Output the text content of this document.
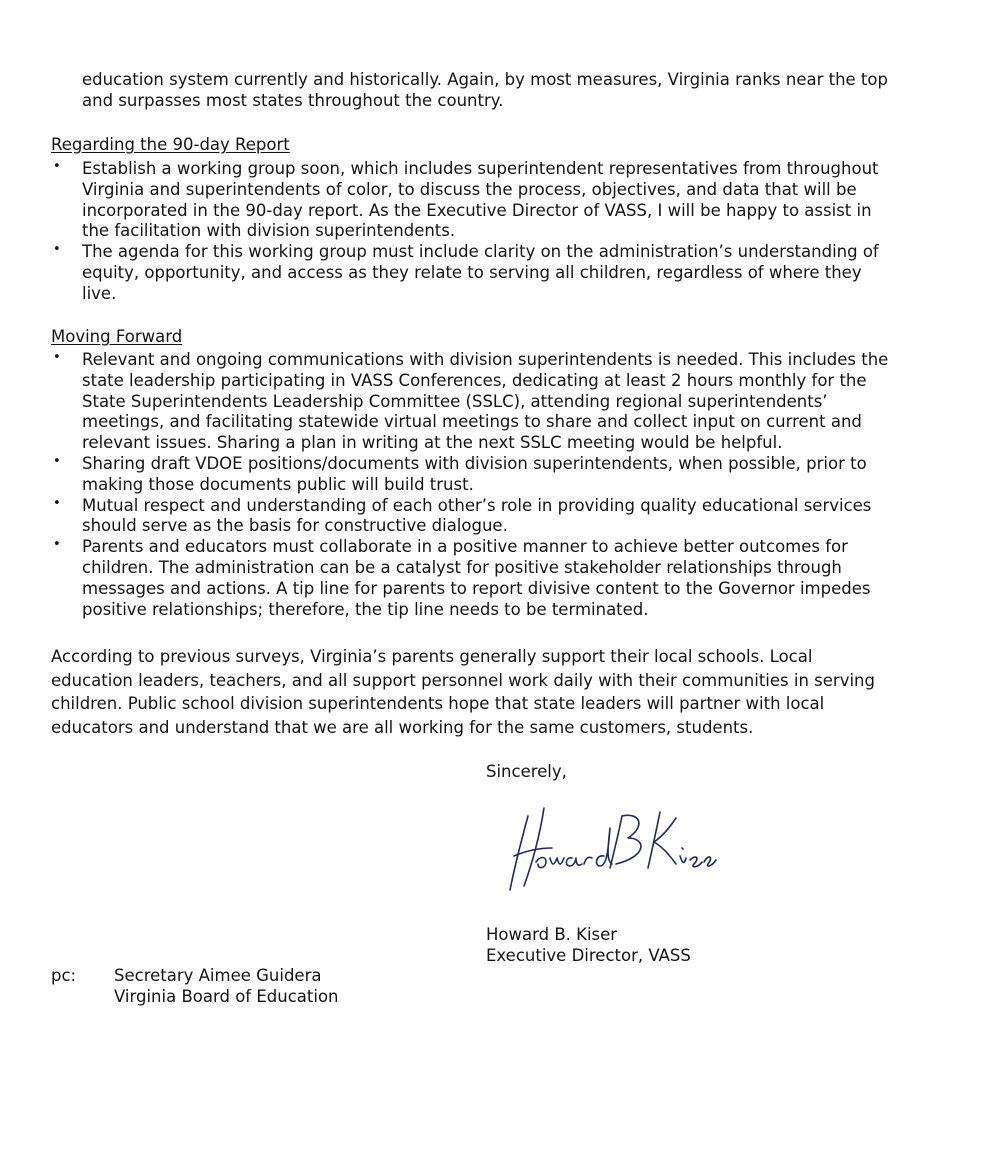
education system currently and historically. Again, by most measures, Virginia ranks near the top
and surpasses most states throughout the country.
Regarding the 90-day Report
• Establish a working group soon, which includes superintendent representatives from throughout
Virginia and superintendents of color, to discuss the process, objectives, and data that will be
incorporated in the 90-day report. As the Executive Director of VASS, I will be happy to assist in
the facilitation with division superintendents.
• The agenda for this working group must include clarity on the administration’s understanding of
equity, opportunity, and access as they relate to serving all children, regardless of where they
live.
Moving Forward
• Relevant and ongoing communications with division superintendents is needed. This includes the
state leadership participating in VASS Conferences, dedicating at least 2 hours monthly for the
State Superintendents Leadership Committee (SSLC), attending regional superintendents’
meetings, and facilitating statewide virtual meetings to share and collect input on current and
relevant issues. Sharing a plan in writing at the next SSLC meeting would be helpful.
• Sharing draft VDOE positions/documents with division superintendents, when possible, prior to
making those documents public will build trust.
• Mutual respect and understanding of each other’s role in providing quality educational services
should serve as the basis for constructive dialogue.
• Parents and educators must collaborate in a positive manner to achieve better outcomes for
children. The administration can be a catalyst for positive stakeholder relationships through
messages and actions. A tip line for parents to report divisive content to the Governor impedes
positive relationships; therefore, the tip line needs to be terminated.
According to previous surveys, Virginia’s parents generally support their local schools. Local
education leaders, teachers, and all support personnel work daily with their communities in serving
children. Public school division superintendents hope that state leaders will partner with local
educators and understand that we are all working for the same customers, students.
Sincerely,
Howard B. Kiser
Executive Director, VASS
pc: Secretary Aimee Guidera
Virginia Board of Education
